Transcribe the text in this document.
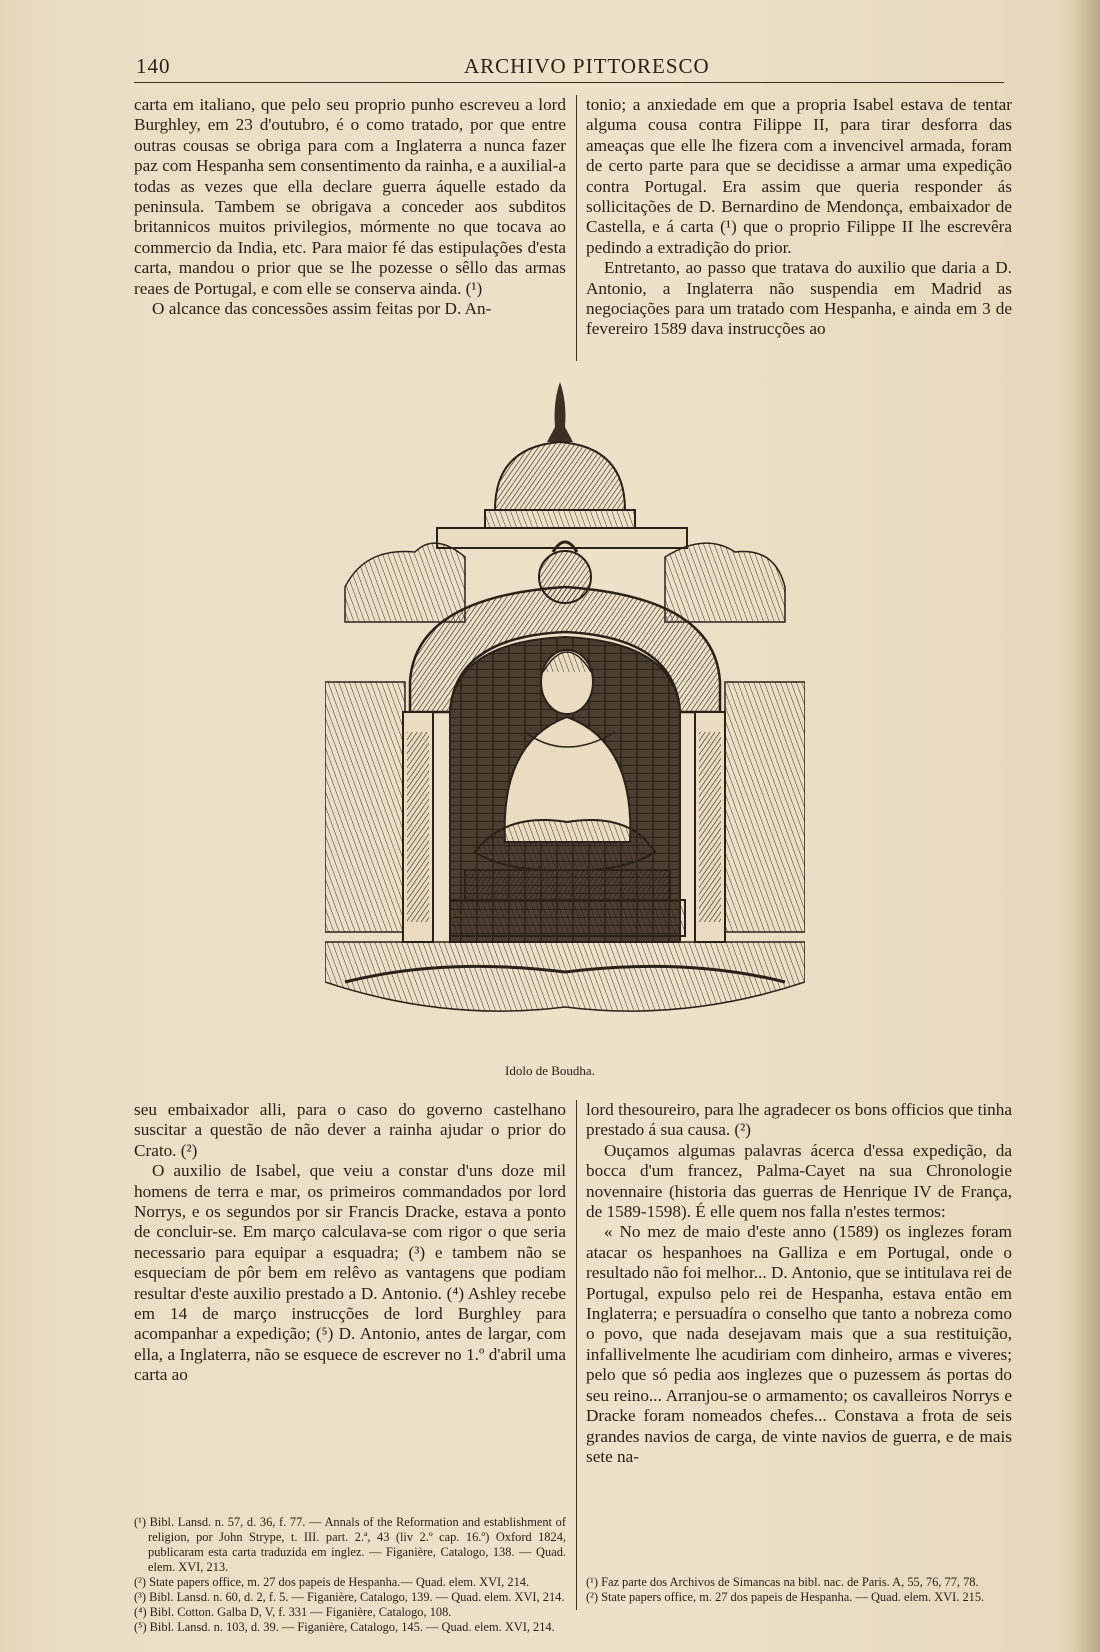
140	ARCHIVO PITTORESCO

carta em italiano, que pelo seu proprio punho escreveu a lord Burghley, em 23 d'outubro, é o como tratado, por que entre outras cousas se obriga para com a Inglaterra a nunca fazer paz com Hespanha sem consentimento da rainha, e a auxilial-a todas as vezes que ella declare guerra áquelle estado da peninsula. Tambem se obrigava a conceder aos subditos britannicos muitos privilegios, mórmente no que tocava ao commercio da India, etc. Para maior fé das estipulações d'esta carta, mandou o prior que se lhe pozesse o sêllo das armas reaes de Portugal, e com elle se conserva ainda. (¹)

O alcance das concessões assim feitas por D. An-

tonio; a anxiedade em que a propria Isabel estava de tentar alguma cousa contra Filippe II, para tirar desforra das ameaças que elle lhe fizera com a invencivel armada, foram de certo parte para que se decidisse a armar uma expedição contra Portugal. Era assim que queria responder ás sollicitações de D. Bernardino de Mendonça, embaixador de Castella, e á carta (¹) que o proprio Filippe II lhe escrevêra pedindo a extradição do prior.

Entretanto, ao passo que tratava do auxilio que daria a D. Antonio, a Inglaterra não suspendia em Madrid as negociações para um tratado com Hespanha, e ainda em 3 de fevereiro 1589 dava instrucções ao

Idolo de Boudha.

seu embaixador alli, para o caso do governo castelhano suscitar a questão de não dever a rainha ajudar o prior do Crato. (²)

O auxilio de Isabel, que veiu a constar d'uns doze mil homens de terra e mar, os primeiros commandados por lord Norrys, e os segundos por sir Francis Dracke, estava a ponto de concluir-se. Em março calculava-se com rigor o que seria necessario para equipar a esquadra; (³) e tambem não se esqueciam de pôr bem em relêvo as vantagens que podiam resultar d'este auxilio prestado a D. Antonio. (⁴) Ashley recebe em 14 de março instrucções de lord Burghley para acompanhar a expedição; (⁵) D. Antonio, antes de largar, com ella, a Inglaterra, não se esquece de escrever no 1.º d'abril uma carta ao

lord thesoureiro, para lhe agradecer os bons officios que tinha prestado á sua causa. (²)

Ouçamos algumas palavras ácerca d'essa expedição, da bocca d'um francez, Palma-Cayet na sua Chronologie novennaire (historia das guerras de Henrique IV de França, de 1589-1598). É elle quem nos falla n'estes termos:

« No mez de maio d'este anno (1589) os inglezes foram atacar os hespanhoes na Galliza e em Portugal, onde o resultado não foi melhor... D. Antonio, que se intitulava rei de Portugal, expulso pelo rei de Hespanha, estava então em Inglaterra; e persuadíra o conselho que tanto a nobreza como o povo, que nada desejavam mais que a sua restituição, infallivelmente lhe acudiriam com dinheiro, armas e viveres; pelo que só pedia aos inglezes que o puzessem ás portas do seu reino... Arranjou-se o armamento; os cavalleiros Norrys e Dracke foram nomeados chefes... Constava a frota de seis grandes navios de carga, de vinte navios de guerra, e de mais sete na-

(¹) Bibl. Lansd. n. 57, d. 36, f. 77. — Annals of the Reformation and establishment of religion, por John Strype, t. III. part. 2.ª, 43 (liv 2.º cap. 16.º) Oxford 1824, publicaram esta carta traduzida em inglez. — Figanière, Catalogo, 138. — Quad. elem. XVI, 213.

(²) State papers office, m. 27 dos papeis de Hespanha.— Quad. elem. XVI, 214.

(³) Bibl. Lansd. n. 60, d. 2, f. 5. — Figanière, Catalogo, 139. — Quad. elem. XVI, 214.

(⁴) Bibl. Cotton. Galba D, V, f. 331 — Figanière, Catalogo, 108.

(⁵) Bibl. Lansd. n. 103, d. 39. — Figanière, Catalogo, 145. — Quad. elem. XVI, 214.

(¹) Faz parte dos Archivos de Simancas na bibl. nac. de Paris. A, 55, 76, 77, 78.

(²) State papers office, m. 27 dos papeis de Hespanha. — Quad. elem. XVI. 215.
